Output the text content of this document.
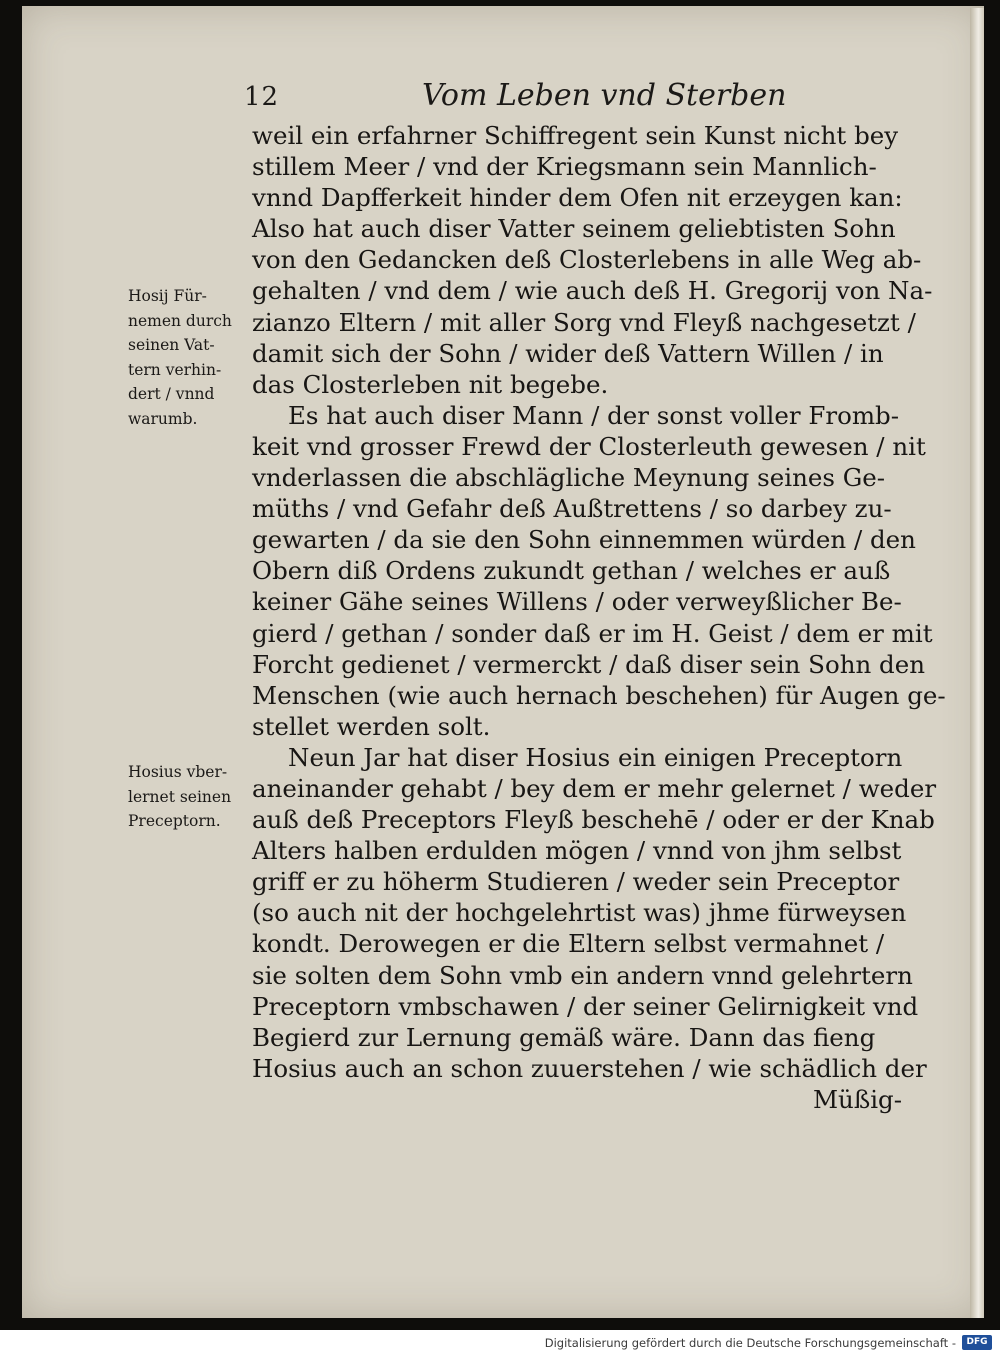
12	Vom Leben vnd Sterben
weil ein erfahrner Schiffregent sein Kunst nicht bey
stillem Meer / vnd der Kriegsmann sein Mannlich-
vnnd Dapfferkeit hinder dem Ofen nit erzeygen kan:
Also hat auch diser Vatter seinem geliebtisten Sohn
von den Gedancken deß Closterlebens in alle Weg ab-
gehalten / vnd dem / wie auch deß H. Gregorij von Na-
zianzo Eltern / mit aller Sorg vnd Fleyß nachgesetzt /
damit sich der Sohn / wider deß Vattern Willen / in
das Closterleben nit begebe.
Es hat auch diser Mann / der sonst voller Fromb-
keit vnd grosser Frewd der Closterleuth gewesen / nit
vnderlassen die abschlägliche Meynung seines Ge-
müths / vnd Gefahr deß Außtrettens / so darbey zu-
gewarten / da sie den Sohn einnemmen würden / den
Obern diß Ordens zukundt gethan / welches er auß
keiner Gähe seines Willens / oder verweyßlicher Be-
gierd / gethan / sonder daß er im H. Geist / dem er mit
Forcht gedienet / vermerckt / daß diser sein Sohn den
Menschen (wie auch hernach beschehen) für Augen ge-
stellet werden solt.
Neun Jar hat diser Hosius ein einigen Preceptorn
aneinander gehabt / bey dem er mehr gelernet / weder
auß deß Preceptors Fleyß beschehē / oder er der Knab
Alters halben erdulden mögen / vnnd von jhm selbst
griff er zu höherm Studieren / weder sein Preceptor
(so auch nit der hochgelehrtist was) jhme fürweysen
kondt. Derowegen er die Eltern selbst vermahnet /
sie solten dem Sohn vmb ein andern vnnd gelehrtern
Preceptorn vmbschawen / der seiner Gelirnigkeit vnd
Begierd zur Lernung gemäß wäre. Dann das fieng
Hosius auch an schon zuuerstehen / wie schädlich der
Müßig-
Hosij Für-
nemen durch
seinen Vat-
tern verhin-
dert / vnnd
warumb.
Hosius vber-
lernet seinen
Preceptorn.
Digitalisierung gefördert durch die Deutsche Forschungsgemeinschaft -	DFG
